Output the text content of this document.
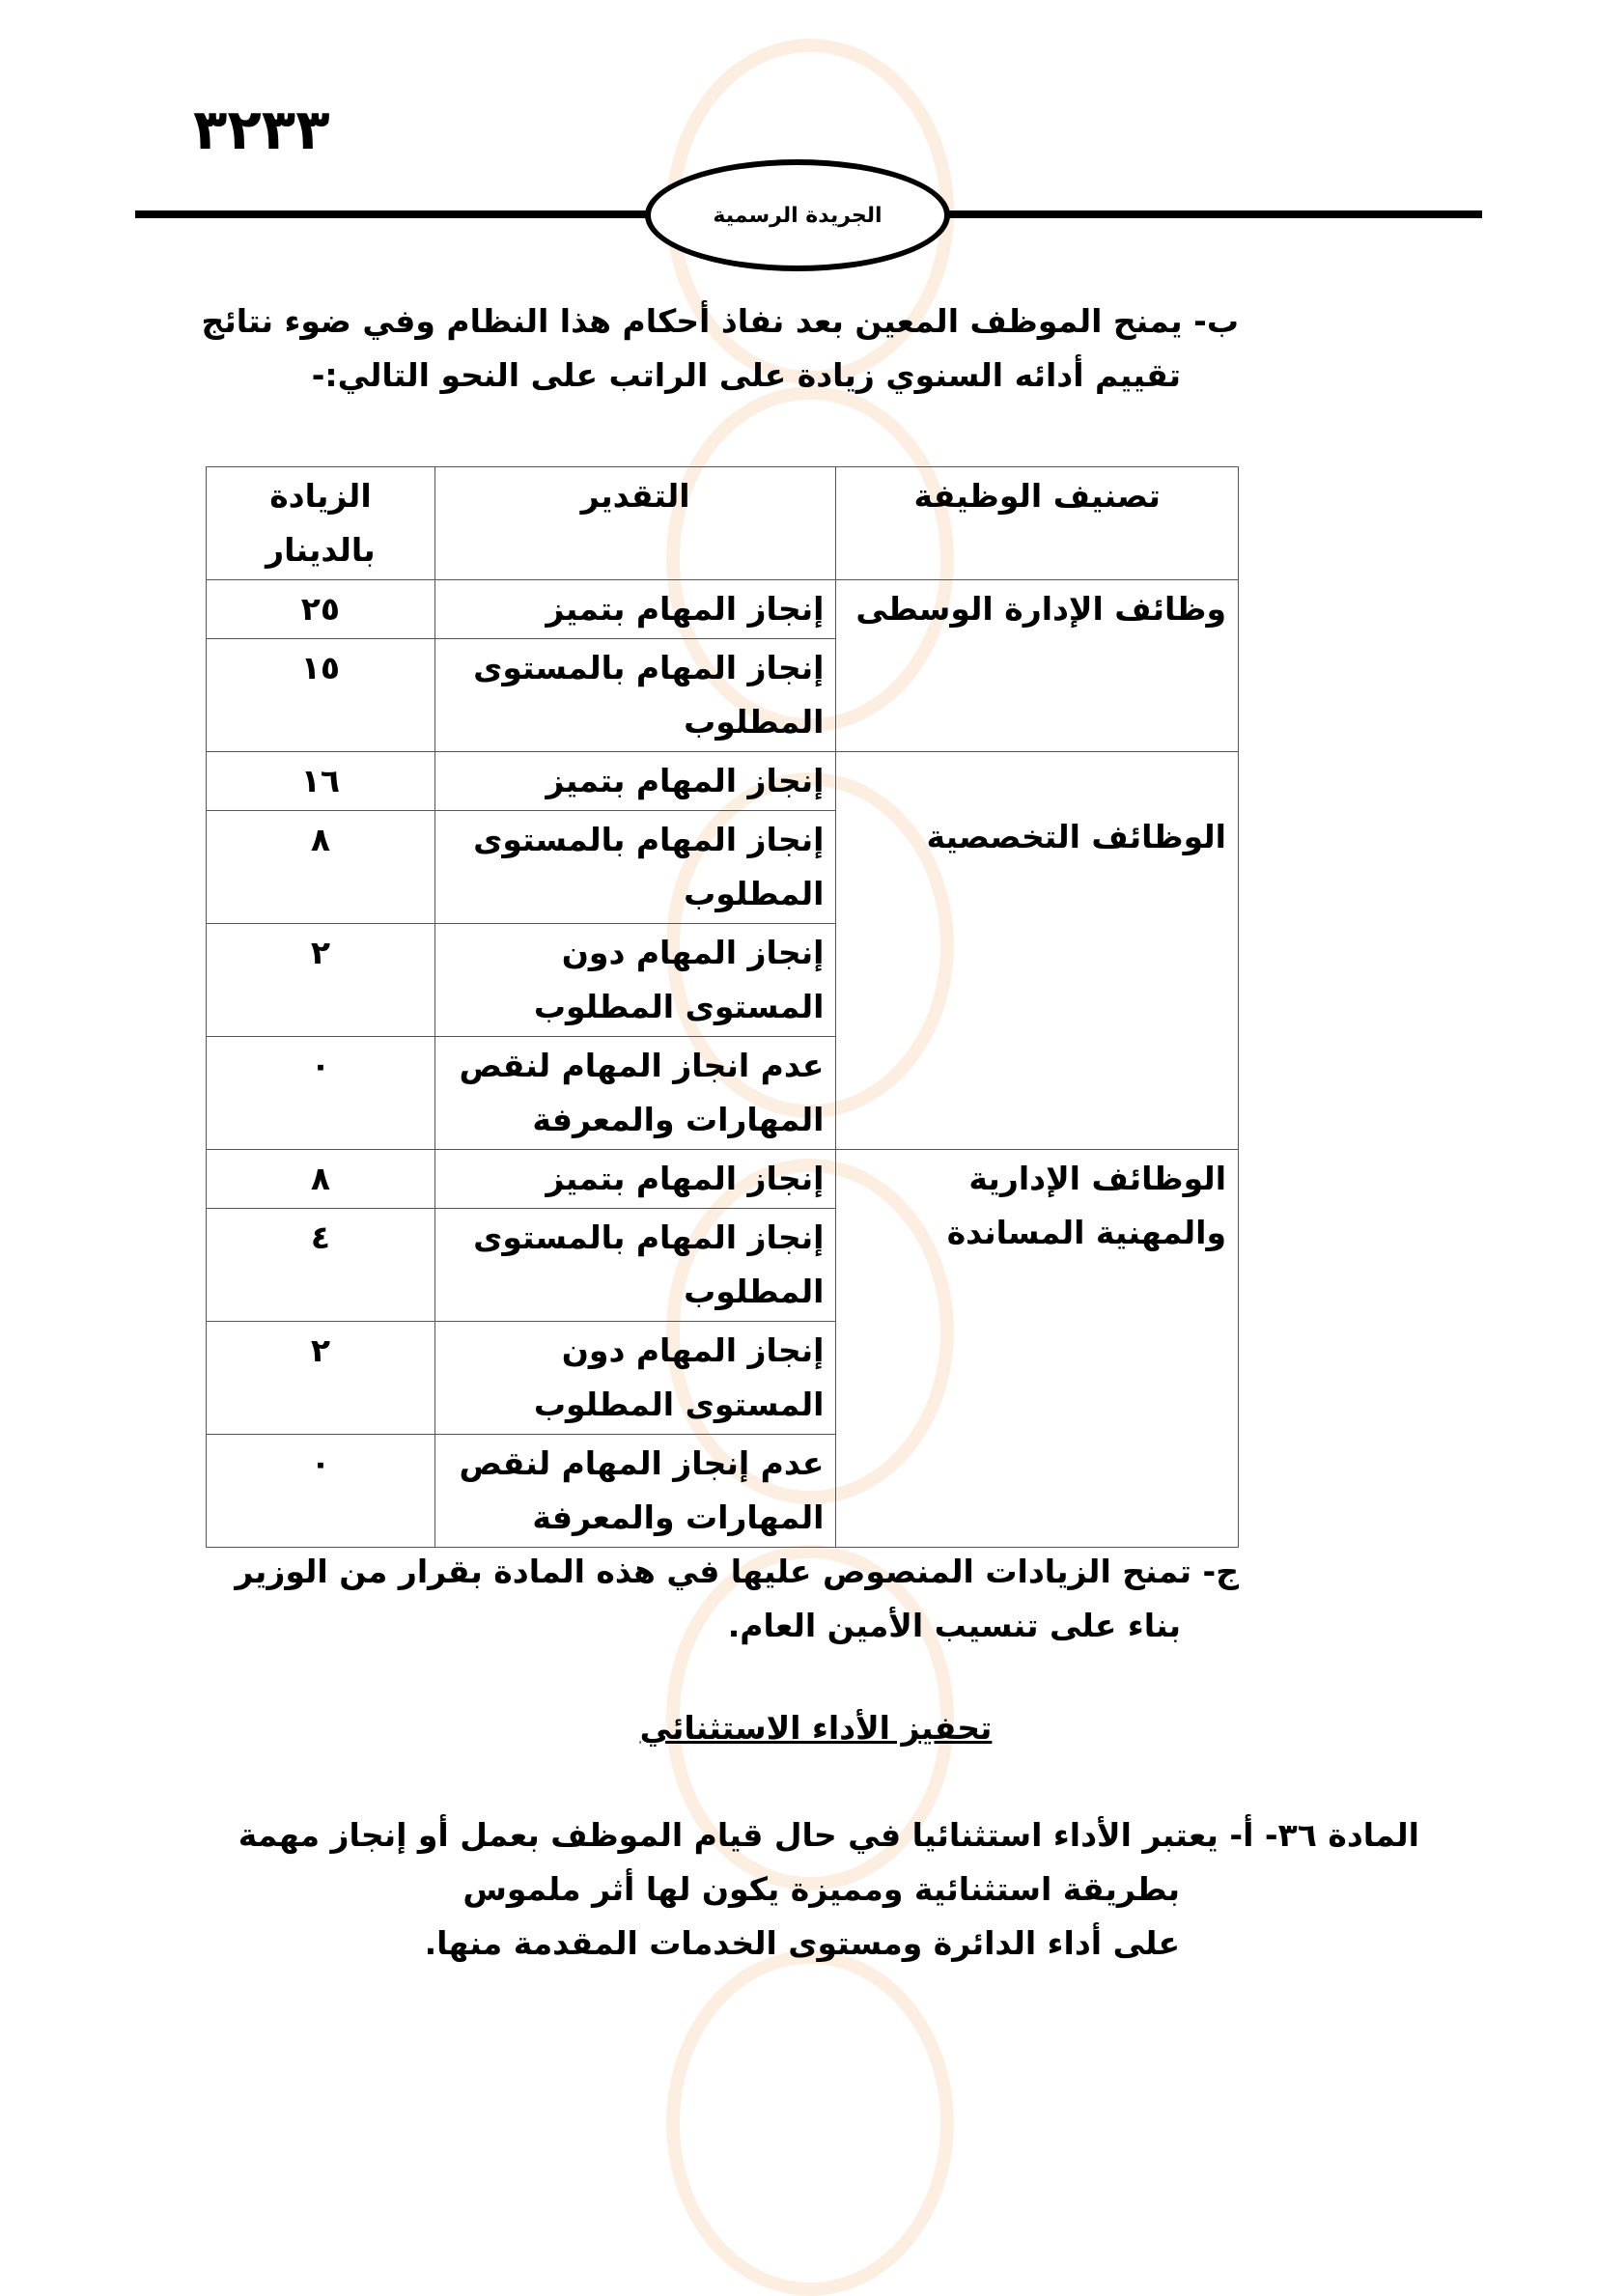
٣٢٣٣
الجريدة الرسمية
ب- يمنح الموظف المعين بعد نفاذ أحكام هذا النظام وفي ضوء نتائج
تقييم أدائه السنوي زيادة على الراتب على النحو التالي:-
تصنيف الوظيفة	التقدير	الزيادة بالدينار
وظائف الإدارة الوسطى	إنجاز المهام بتميز	٢٥
	إنجاز المهام بالمستوى المطلوب	١٥
الوظائف التخصصية	إنجاز المهام بتميز	١٦
	إنجاز المهام بالمستوى المطلوب	٨
	إنجاز المهام دون المستوى المطلوب	٢
	عدم انجاز المهام لنقص المهارات والمعرفة	٠
الوظائف الإدارية والمهنية المساندة	إنجاز المهام بتميز	٨
	إنجاز المهام بالمستوى المطلوب	٤
	إنجاز المهام دون المستوى المطلوب	٢
	عدم إنجاز المهام لنقص المهارات والمعرفة	٠
ج- تمنح الزيادات المنصوص عليها في هذه المادة بقرار من الوزير
بناء على تنسيب الأمين العام.
تحفيز الأداء الاستثنائي
المادة ٣٦- أ- يعتبر الأداء استثنائيا في حال قيام الموظف بعمل أو إنجاز مهمة
بطريقة استثنائية ومميزة يكون لها أثر ملموس
على أداء الدائرة ومستوى الخدمات المقدمة منها.
